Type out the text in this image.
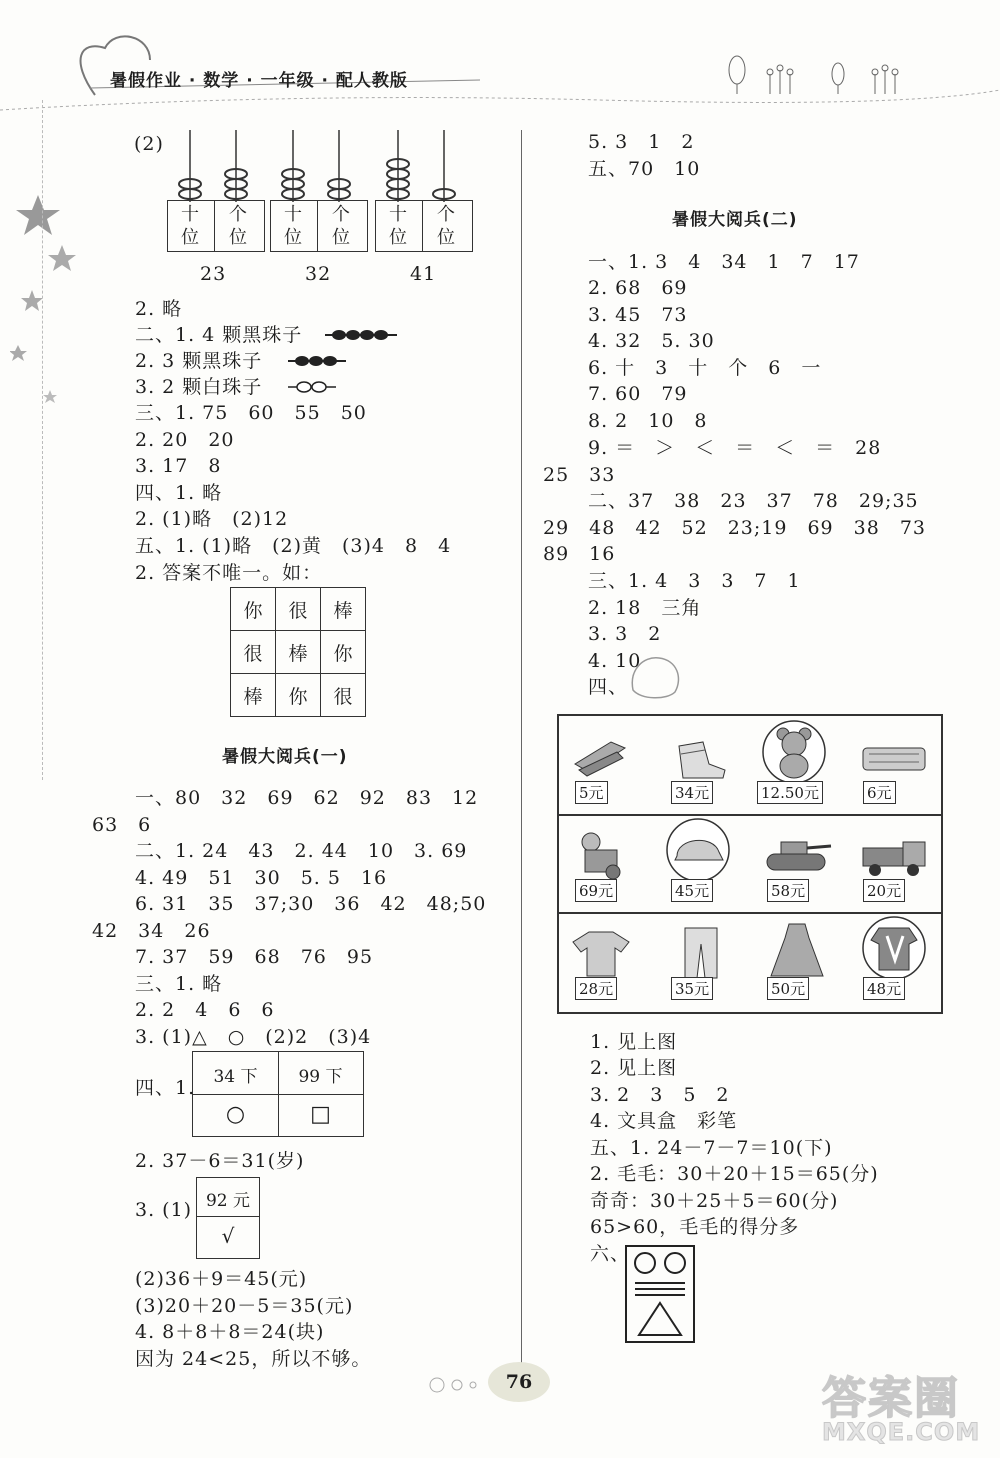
暑假作业 · 数学 · 一年级 · 配人教版
(2)
十
位
个
位
23
十
位
个
位
32
十
位
个
位
41
2. 略
二、1. 4 颗黑珠子
2. 3 颗黑珠子
3. 2 颗白珠子
三、1. 75　60　55　50
2. 20　20
3. 17　8
四、1. 略
2. (1)略　(2)12
五、1. (1)略　(2)黄　(3)4　8　4
2. 答案不唯一。如：
你	很	棒
很	棒	你
棒	你	很
暑假大阅兵(一)
一、80　32　69　62　92　83　12
63　6
二、1. 24　43　2. 44　10　3. 69
4. 49　51　30　5. 5　16
6. 31　35　37;30　36　42　48;50
42　34　26
7. 37　59　68　76　95
三、1. 略
2. 2　4　6　6
3. (1)△　○　(2)2　(3)4
四、1.	34 下	99 下
○	□
2. 37－6＝31(岁)
3. (1) 92 元
√
(2)36＋9＝45(元)
(3)20＋20－5＝35(元)
4. 8＋8＋8＝24(块)
因为 24<25，所以不够。
5. 3　1　2
五、70　10
暑假大阅兵(二)
一、1. 3　4　34　1　7　17
2. 68　69
3. 45　73
4. 32　5. 30
6. 十　3　十　个　6　一
7. 60　79
8. 2　10　8
9. ＝　＞　＜　＝　＜　＝　28
25　33
二、37　38　23　37　78　29;35
29　48　42　52　23;19　69　38　73
89　16
三、1. 4　3　3　7　1
2. 18　三角
3. 3　2
4. 10
四、
5元	34元	12.50元	6元
69元	45元	58元	20元
28元	35元	50元	48元
1. 见上图
2. 见上图
3. 2　3　5　2
4. 文具盒　彩笔
五、1. 24－7－7＝10(下)
2. 毛毛：30＋20＋15＝65(分)
奇奇：30＋25＋5＝60(分)
65>60，毛毛的得分多
六、
76	答案圈
MXQE.COM
